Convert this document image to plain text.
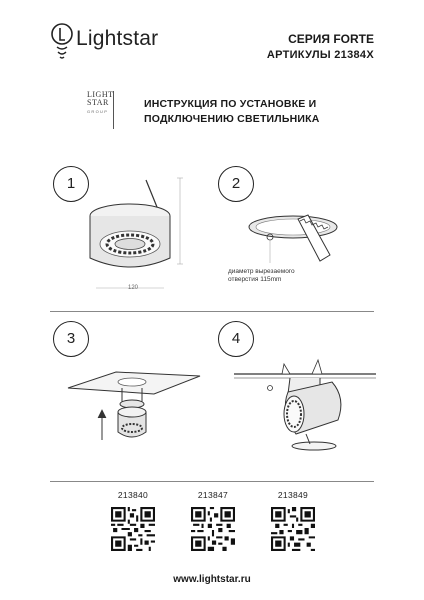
Lightstar	СЕРИЯ FORTE
АРТИКУЛЫ 21384X
LIGHT
STAR
GROUP
ИНСТРУКЦИЯ ПО УСТАНОВКЕ И
ПОДКЛЮЧЕНИЮ СВЕТИЛЬНИКА
1	2
3	4
120
диаметр вырезаемого
отверстия 115mm
213840	213847	213849
www.lightstar.ru
